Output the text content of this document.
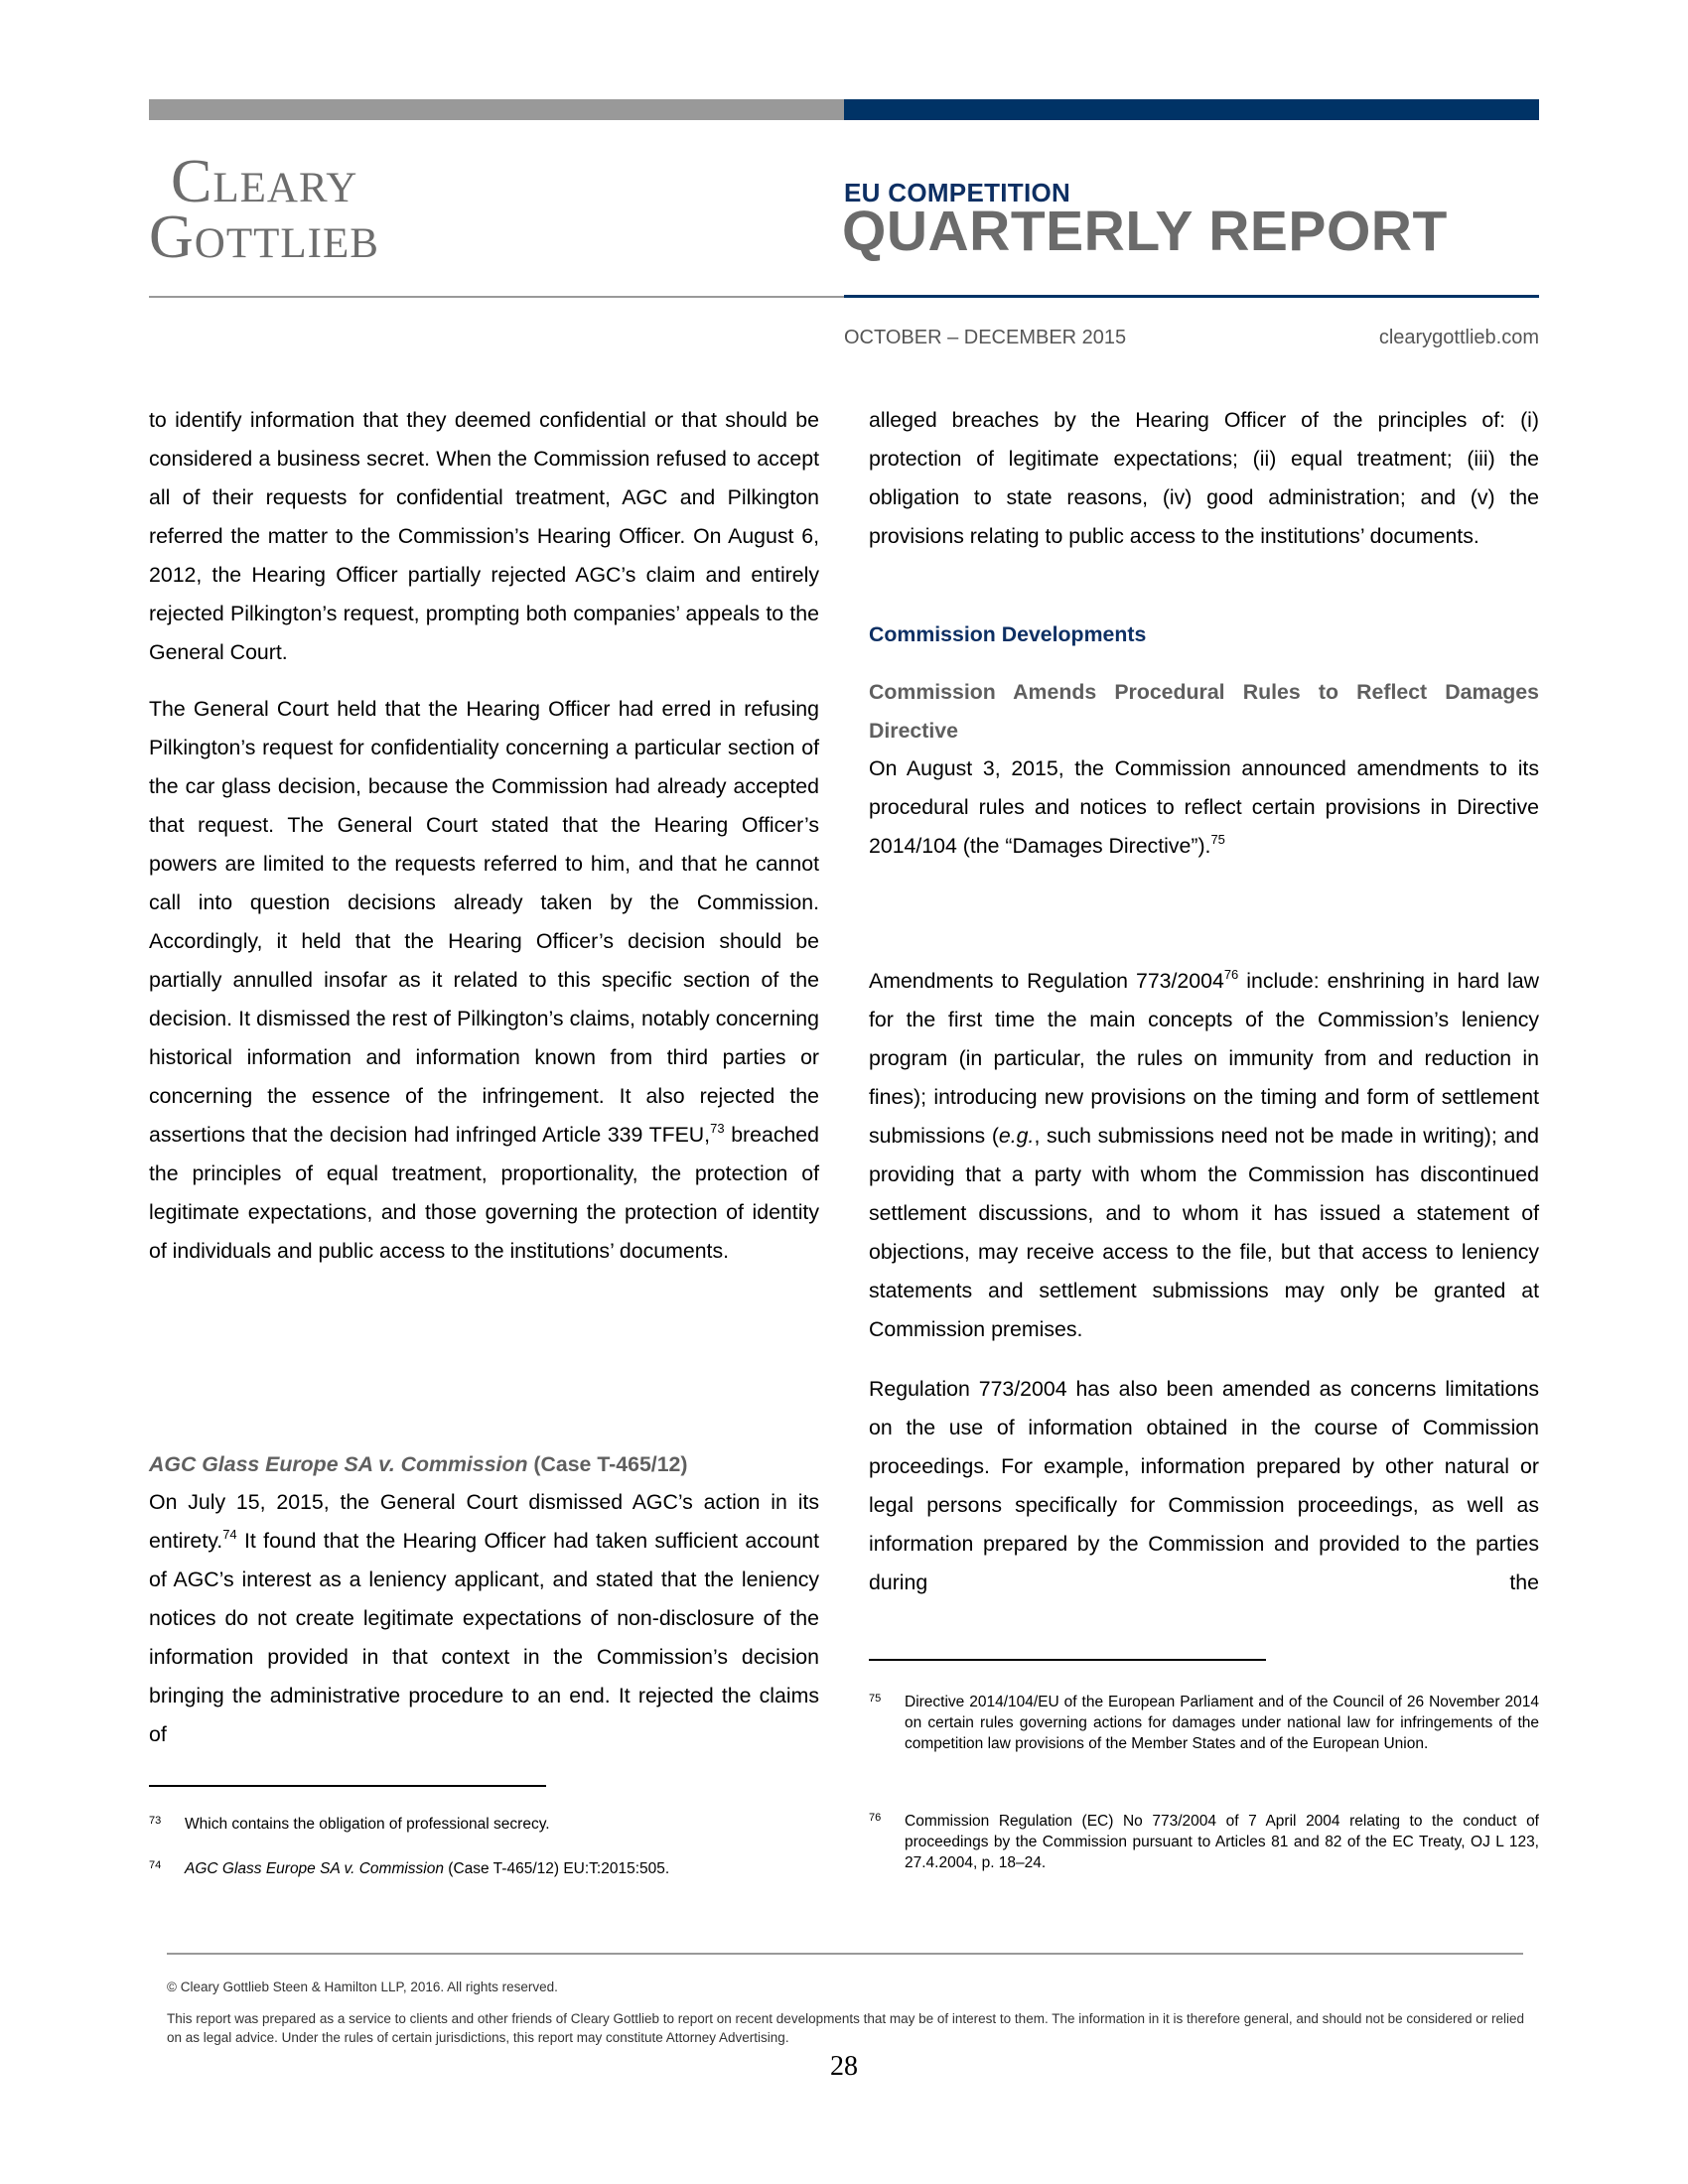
Cleary
Gottlieb
EU COMPETITION
QUARTERLY REPORT
OCTOBER – DECEMBER 2015	clearygottlieb.com

to identify information that they deemed confidential or that should be considered a business secret. When the Commission refused to accept all of their requests for confidential treatment, AGC and Pilkington referred the matter to the Commission’s Hearing Officer. On August 6, 2012, the Hearing Officer partially rejected AGC’s claim and entirely rejected Pilkington’s request, prompting both companies’ appeals to the General Court.

The General Court held that the Hearing Officer had erred in refusing Pilkington’s request for confidentiality concerning a particular section of the car glass decision, because the Commission had already accepted that request. The General Court stated that the Hearing Officer’s powers are limited to the requests referred to him, and that he cannot call into question decisions already taken by the Commission. Accordingly, it held that the Hearing Officer’s decision should be partially annulled insofar as it related to this specific section of the decision. It dismissed the rest of Pilkington’s claims, notably concerning historical information and information known from third parties or concerning the essence of the infringement. It also rejected the assertions that the decision had infringed Article 339 TFEU,$^{73}$ breached the principles of equal treatment, proportionality, the protection of legitimate expectations, and those governing the protection of identity of individuals and public access to the institutions’ documents.

AGC Glass Europe SA v. Commission (Case T-465/12)

On July 15, 2015, the General Court dismissed AGC’s action in its entirety.$^{74}$ It found that the Hearing Officer had taken sufficient account of AGC’s interest as a leniency applicant, and stated that the leniency notices do not create legitimate expectations of non-disclosure of the information provided in that context in the Commission’s decision bringing the administrative procedure to an end. It rejected the claims of

73	Which contains the obligation of professional secrecy.
74	AGC Glass Europe SA v. Commission (Case T-465/12) EU:T:2015:505.

alleged breaches by the Hearing Officer of the principles of: (i) protection of legitimate expectations; (ii) equal treatment; (iii) the obligation to state reasons, (iv) good administration; and (v) the provisions relating to public access to the institutions’ documents.

Commission Developments
Commission Amends Procedural Rules to Reflect Damages Directive

On August 3, 2015, the Commission announced amendments to its procedural rules and notices to reflect certain provisions in Directive 2014/104 (the “Damages Directive”).$^{75}$

Amendments to Regulation 773/2004$^{76}$ include: enshrining in hard law for the first time the main concepts of the Commission’s leniency program (in particular, the rules on immunity from and reduction in fines); introducing new provisions on the timing and form of settlement submissions (e.g., such submissions need not be made in writing); and providing that a party with whom the Commission has discontinued settlement discussions, and to whom it has issued a statement of objections, may receive access to the file, but that access to leniency statements and settlement submissions may only be granted at Commission premises.

Regulation 773/2004 has also been amended as concerns limitations on the use of information obtained in the course of Commission proceedings. For example, information prepared by other natural or legal persons specifically for Commission proceedings, as well as information prepared by the Commission and provided to the parties during the

75	Directive 2014/104/EU of the European Parliament and of the Council of 26 November 2014 on certain rules governing actions for damages under national law for infringements of the competition law provisions of the Member States and of the European Union.
76	Commission Regulation (EC) No 773/2004 of 7 April 2004 relating to the conduct of proceedings by the Commission pursuant to Articles 81 and 82 of the EC Treaty, OJ L 123, 27.4.2004, p. 18–24.
© Cleary Gottlieb Steen & Hamilton LLP, 2016. All rights reserved.
This report was prepared as a service to clients and other friends of Cleary Gottlieb to report on recent developments that may be of interest to them. The information in it is therefore general, and should not be considered or relied on as legal advice. Under the rules of certain jurisdictions, this report may constitute Attorney Advertising.
28
